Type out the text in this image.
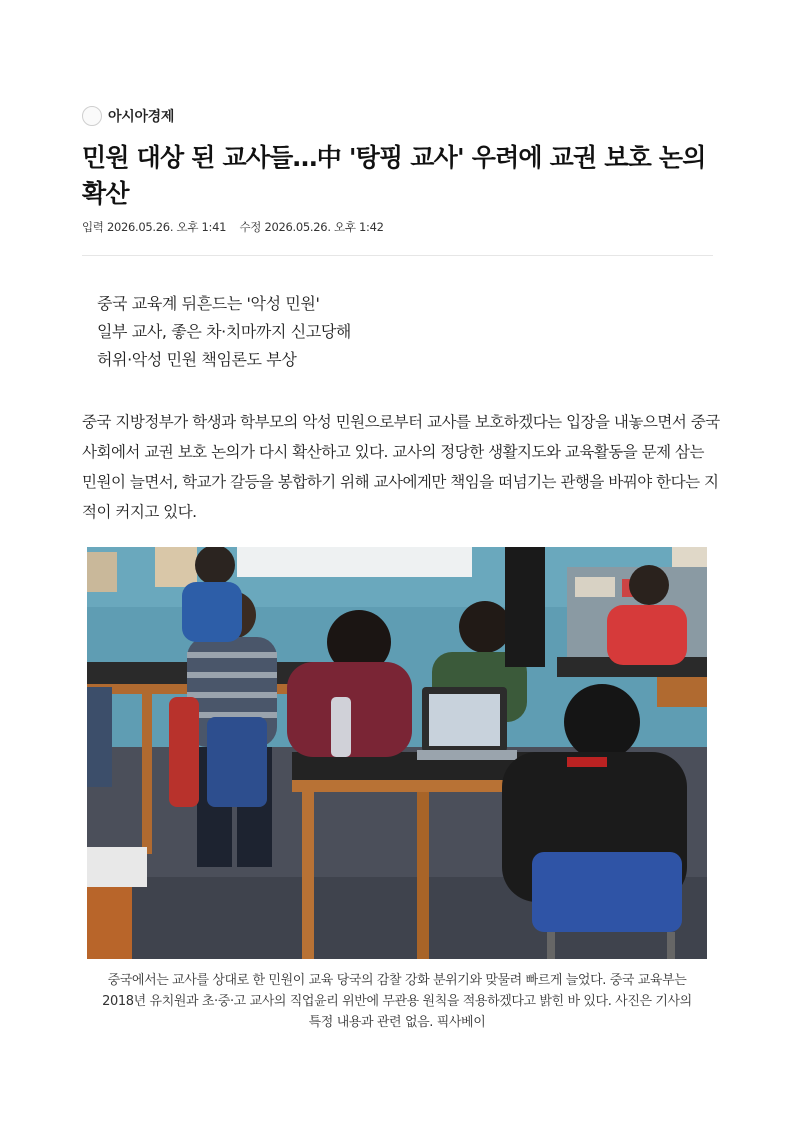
아시아경제
민원 대상 된 교사들…中 '탕핑 교사' 우려에 교권 보호 논의 확산
입력 2026.05.26. 오후 1:41 수정 2026.05.26. 오후 1:42
중국 교육계 뒤흔드는 '악성 민원'
일부 교사, 좋은 차·치마까지 신고당해
허위·악성 민원 책임론도 부상

중국 지방정부가 학생과 학부모의 악성 민원으로부터 교사를 보호하겠다는 입장을 내놓으면서 중국 사회에서 교권 보호 논의가 다시 확산하고 있다. 교사의 정당한 생활지도와 교육활동을 문제 삼는 민원이 늘면서, 학교가 갈등을 봉합하기 위해 교사에게만 책임을 떠넘기는 관행을 바꿔야 한다는 지적이 커지고 있다.

중국에서는 교사를 상대로 한 민원이 교육 당국의 감찰 강화 분위기와 맞물려 빠르게 늘었다. 중국 교육부는 2018년 유치원과 초·중·고 교사의 직업윤리 위반에 무관용 원칙을 적용하겠다고 밝힌 바 있다. 사진은 기사의 특정 내용과 관련 없음. 픽사베이
